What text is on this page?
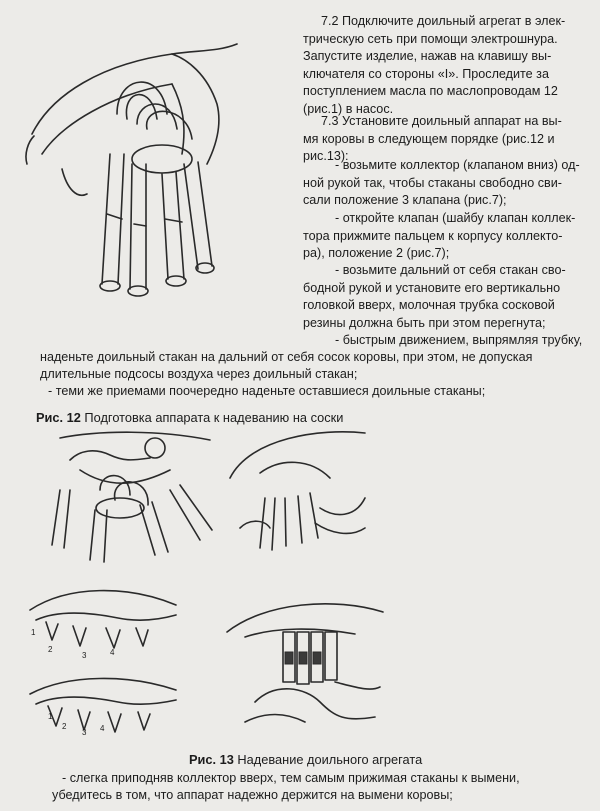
7.2 Подключите доильный агрегат в элек-
трическую сеть при помощи электрошнура.
Запустите изделие, нажав на клавишу вы-
ключателя со стороны «I». Проследите за
поступлением масла по маслопроводам 12
(рис.1) в насос.
7.3 Установите доильный аппарат на вы-
мя коровы в следующем порядке (рис.12 и
рис.13):
- возьмите коллектор (клапаном вниз) од-
ной рукой так, чтобы стаканы свободно сви-
сали положение 3 клапана (рис.7);
- откройте клапан (шайбу клапан коллек-
тора прижмите пальцем к корпусу коллекто-
ра), положение 2 (рис.7);
- возьмите дальний от себя стакан сво-
бодной рукой и установите его вертикально
головкой вверх, молочная трубка сосковой
резины должна быть при этом перегнута;
- быстрым движением, выпрямляя трубку,
наденьте доильный стакан на дальний от себя сосок коровы, при этом, не допуская
длительные подсосы воздуха через доильный стакан;
- теми же приемами поочередно наденьте оставшиеся доильные стаканы;
Рис. 12 Подготовка аппарата к надеванию на соски
1
2
3	4
1
2
3 4
Рис. 13 Надевание доильного агрегата
- слегка приподняв коллектор вверх, тем самым прижимая стаканы к вымени,
убедитесь в том, что аппарат надежно держится на вымени коровы;
